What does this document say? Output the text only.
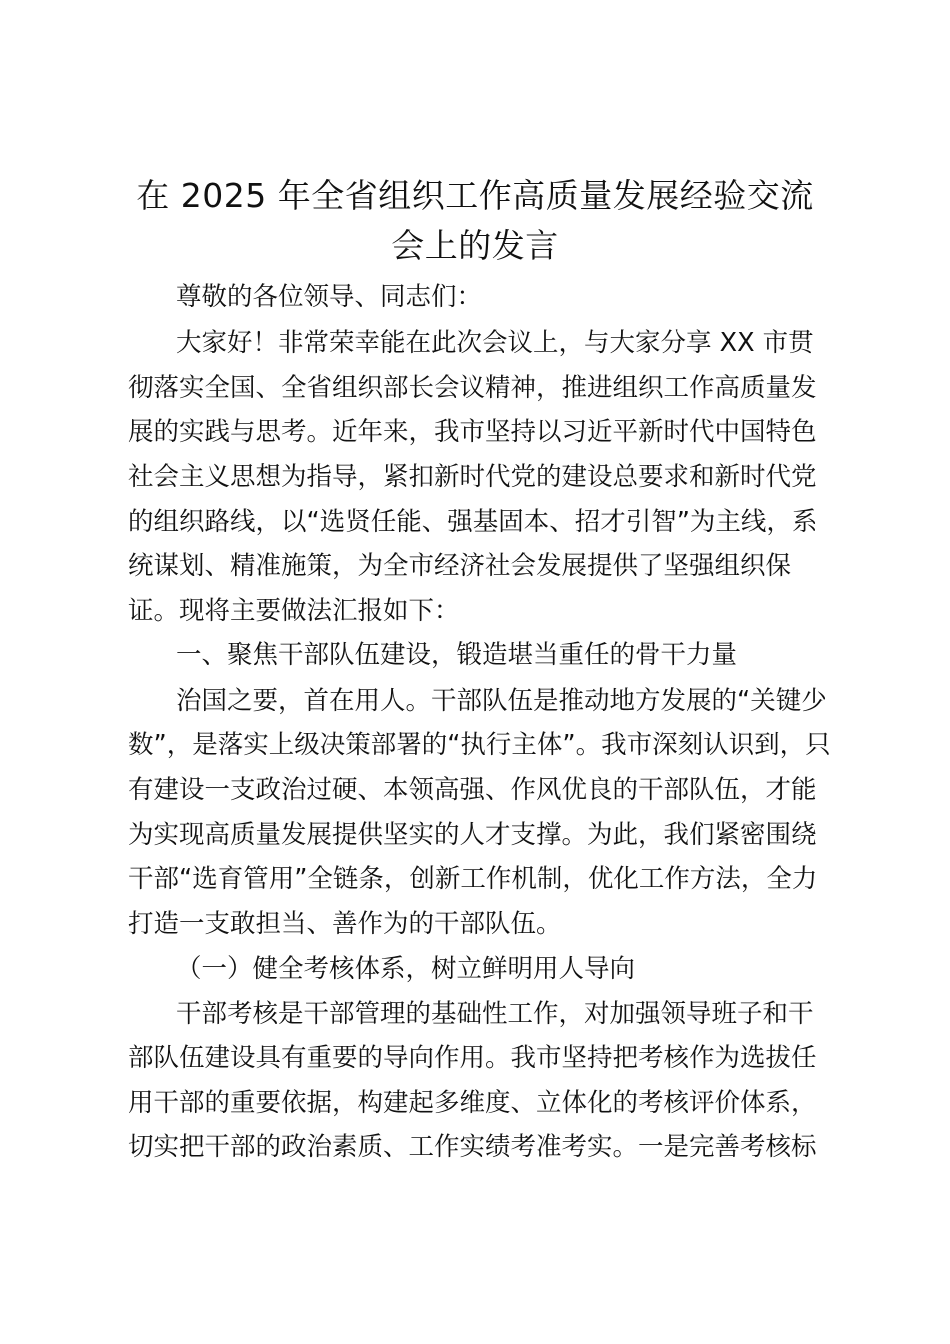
在 2025 年全省组织工作高质量发展经验交流
会上的发言

尊敬的各位领导、同志们：

大家好！非常荣幸能在此次会议上，与大家分享 XX 市贯

彻落实全国、全省组织部长会议精神，推进组织工作高质量发

展的实践与思考。近年来，我市坚持以习近平新时代中国特色

社会主义思想为指导，紧扣新时代党的建设总要求和新时代党

的组织路线，以“选贤任能、强基固本、招才引智”为主线，系

统谋划、精准施策，为全市经济社会发展提供了坚强组织保

证。现将主要做法汇报如下：

一、聚焦干部队伍建设，锻造堪当重任的骨干力量

治国之要，首在用人。干部队伍是推动地方发展的“关键少

数”，是落实上级决策部署的“执行主体”。我市深刻认识到，只

有建设一支政治过硬、本领高强、作风优良的干部队伍，才能

为实现高质量发展提供坚实的人才支撑。为此，我们紧密围绕

干部“选育管用”全链条，创新工作机制，优化工作方法，全力

打造一支敢担当、善作为的干部队伍。

（一）健全考核体系，树立鲜明用人导向

干部考核是干部管理的基础性工作，对加强领导班子和干

部队伍建设具有重要的导向作用。我市坚持把考核作为选拔任

用干部的重要依据，构建起多维度、立体化的考核评价体系，

切实把干部的政治素质、工作实绩考准考实。一是完善考核标
